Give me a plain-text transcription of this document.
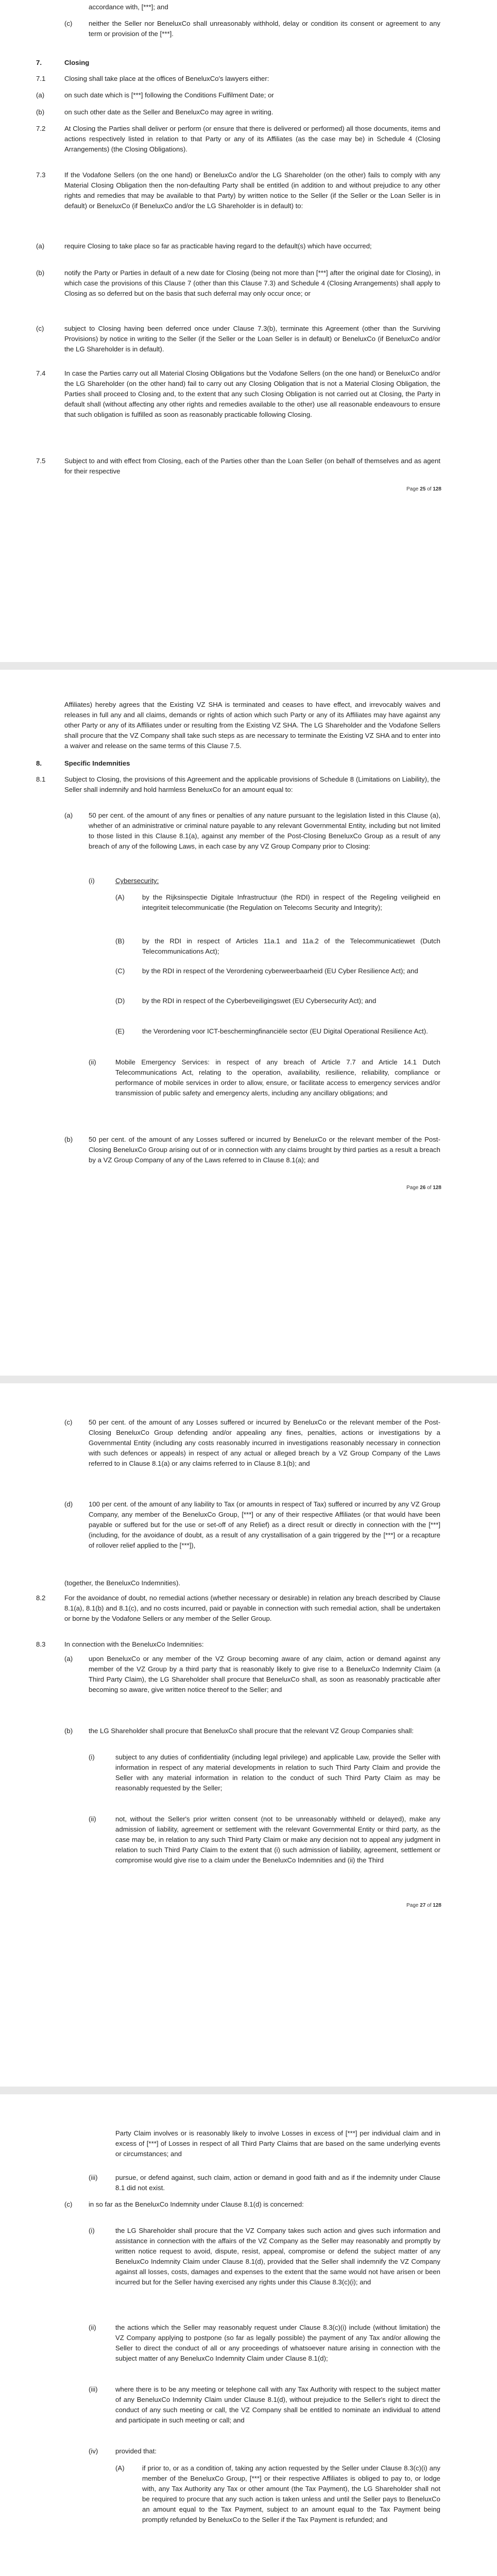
accordance with, [***]; and
(c) neither the Seller nor BeneluxCo shall unreasonably withhold, delay or condition its consent or agreement to any term or provision of the [***].
7.	Closing
7.1	Closing shall take place at the offices of BeneluxCo's lawyers either:
(a)	on such date which is [***] following the Conditions Fulfilment Date; or
(b)	on such other date as the Seller and BeneluxCo may agree in writing.
7.2	At Closing the Parties shall deliver or perform (or ensure that there is delivered or performed) all those documents, items and actions respectively listed in relation to that Party or any of its Affiliates (as the case may be) in Schedule 4 (Closing Arrangements) (the Closing Obligations).
7.3	If the Vodafone Sellers (on the one hand) or BeneluxCo and/or the LG Shareholder (on the other) fails to comply with any Material Closing Obligation then the non-defaulting Party shall be entitled (in addition to and without prejudice to any other rights and remedies that may be available to that Party) by written notice to the Seller (if the Seller or the Loan Seller is in default) or BeneluxCo (if BeneluxCo and/or the LG Shareholder is in default) to:
(a)	require Closing to take place so far as practicable having regard to the default(s) which have occurred;
(b)	notify the Party or Parties in default of a new date for Closing (being not more than [***] after the original date for Closing), in which case the provisions of this Clause 7 (other than this Clause 7.3) and Schedule 4 (Closing Arrangements) shall apply to Closing as so deferred but on the basis that such deferral may only occur once; or
(c)	subject to Closing having been deferred once under Clause 7.3(b), terminate this Agreement (other than the Surviving Provisions) by notice in writing to the Seller (if the Seller or the Loan Seller is in default) or BeneluxCo (if BeneluxCo and/or the LG Shareholder is in default).
7.4	In case the Parties carry out all Material Closing Obligations but the Vodafone Sellers (on the one hand) or BeneluxCo and/or the LG Shareholder (on the other hand) fail to carry out any Closing Obligation that is not a Material Closing Obligation, the Parties shall proceed to Closing and, to the extent that any such Closing Obligation is not carried out at Closing, the Party in default shall (without affecting any other rights and remedies available to the other) use all reasonable endeavours to ensure that such obligation is fulfilled as soon as reasonably practicable following Closing.
7.5	Subject to and with effect from Closing, each of the Parties other than the Loan Seller (on behalf of themselves and as agent for their respective
Page 25 of 128
Affiliates) hereby agrees that the Existing VZ SHA is terminated and ceases to have effect, and irrevocably waives and releases in full any and all claims, demands or rights of action which such Party or any of its Affiliates may have against any other Party or any of its Affiliates under or resulting from the Existing VZ SHA. The LG Shareholder and the Vodafone Sellers shall procure that the VZ Company shall take such steps as are necessary to terminate the Existing VZ SHA and to enter into a waiver and release on the same terms of this Clause 7.5.
8.	Specific Indemnities
8.1	Subject to Closing, the provisions of this Agreement and the applicable provisions of Schedule 8 (Limitations on Liability), the Seller shall indemnify and hold harmless BeneluxCo for an amount equal to:
(a) 50 per cent. of the amount of any fines or penalties of any nature pursuant to the legislation listed in this Clause (a), whether of an administrative or criminal nature payable to any relevant Governmental Entity, including but not limited to those listed in this Clause 8.1(a), against any member of the Post-Closing BeneluxCo Group as a result of any breach of any of the following Laws, in each case by any VZ Group Company prior to Closing:
(i)	Cybersecurity:
(A)	by the Rijksinspectie Digitale Infrastructuur (the RDI) in respect of the Regeling veiligheid en integriteit telecommunicatie (the Regulation on Telecoms Security and Integrity);
(B)	by the RDI in respect of Articles 11a.1 and 11a.2 of the Telecommunicatiewet (Dutch Telecommunications Act);
(C)	by the RDI in respect of the Verordening cyberweerbaarheid (EU Cyber Resilience Act); and
(D)	by the RDI in respect of the Cyberbeveiligingswet (EU Cybersecurity Act); and
(E)	the Verordening voor ICT-beschermingfinanciële sector (EU Digital Operational Resilience Act).
(ii)	Mobile Emergency Services: in respect of any breach of Article 7.7 and Article 14.1 Dutch Telecommunications Act, relating to the operation, availability, resilience, reliability, compliance or performance of mobile services in order to allow, ensure, or facilitate access to emergency services and/or transmission of public safety and emergency alerts, including any ancillary obligations; and
(b) 50 per cent. of the amount of any Losses suffered or incurred by BeneluxCo or the relevant member of the Post-Closing BeneluxCo Group arising out of or in connection with any claims brought by third parties as a result a breach by a VZ Group Company of any of the Laws referred to in Clause 8.1(a); and
Page 26 of 128
(c) 50 per cent. of the amount of any Losses suffered or incurred by BeneluxCo or the relevant member of the Post-Closing BeneluxCo Group defending and/or appealing any fines, penalties, actions or investigations by a Governmental Entity (including any costs reasonably incurred in investigations reasonably necessary in connection with such defences or appeals) in respect of any actual or alleged breach by a VZ Group Company of the Laws referred to in Clause 8.1(a) or any claims referred to in Clause 8.1(b); and
(d) 100 per cent. of the amount of any liability to Tax (or amounts in respect of Tax) suffered or incurred by any VZ Group Company, any member of the BeneluxCo Group, [***] or any of their respective Affiliates (or that would have been payable or suffered but for the use or set-off of any Relief) as a direct result or directly in connection with the [***] (including, for the avoidance of doubt, as a result of any crystallisation of a gain triggered by the [***] or a recapture of rollover relief applied to the [***]),
(together, the BeneluxCo Indemnities).
8.2	For the avoidance of doubt, no remedial actions (whether necessary or desirable) in relation any breach described by Clause 8.1(a), 8.1(b) and 8.1(c), and no costs incurred, paid or payable in connection with such remedial action, shall be undertaken or borne by the Vodafone Sellers or any member of the Seller Group.
8.3	In connection with the BeneluxCo Indemnities:
(a) upon BeneluxCo or any member of the VZ Group becoming aware of any claim, action or demand against any member of the VZ Group by a third party that is reasonably likely to give rise to a BeneluxCo Indemnity Claim (a Third Party Claim), the LG Shareholder shall procure that BeneluxCo shall, as soon as reasonably practicable after becoming so aware, give written notice thereof to the Seller; and
(b) the LG Shareholder shall procure that BeneluxCo shall procure that the relevant VZ Group Companies shall:
(i)	subject to any duties of confidentiality (including legal privilege) and applicable Law, provide the Seller with information in respect of any material developments in relation to such Third Party Claim and provide the Seller with any material information in relation to the conduct of such Third Party Claim as may be reasonably requested by the Seller;
(ii)	not, without the Seller's prior written consent (not to be unreasonably withheld or delayed), make any admission of liability, agreement or settlement with the relevant Governmental Entity or third party, as the case may be, in relation to any such Third Party Claim or make any decision not to appeal any judgment in relation to such Third Party Claim to the extent that (i) such admission of liability, agreement, settlement or compromise would give rise to a claim under the BeneluxCo Indemnities and (ii) the Third
Page 27 of 128
Party Claim involves or is reasonably likely to involve Losses in excess of [***] per individual claim and in excess of [***] of Losses in respect of all Third Party Claims that are based on the same underlying events or circumstances; and
(iii)	pursue, or defend against, such claim, action or demand in good faith and as if the indemnity under Clause 8.1 did not exist.
(c) in so far as the BeneluxCo Indemnity under Clause 8.1(d) is concerned:
(i)	the LG Shareholder shall procure that the VZ Company takes such action and gives such information and assistance in connection with the affairs of the VZ Company as the Seller may reasonably and promptly by written notice request to avoid, dispute, resist, appeal, compromise or defend the subject matter of any BeneluxCo Indemnity Claim under Clause 8.1(d), provided that the Seller shall indemnify the VZ Company against all losses, costs, damages and expenses to the extent that the same would not have arisen or been incurred but for the Seller having exercised any rights under this Clause 8.3(c)(i); and
(ii)	the actions which the Seller may reasonably request under Clause 8.3(c)(i) include (without limitation) the VZ Company applying to postpone (so far as legally possible) the payment of any Tax and/or allowing the Seller to direct the conduct of all or any proceedings of whatsoever nature arising in connection with the subject matter of any BeneluxCo Indemnity Claim under Clause 8.1(d);
(iii)	where there is to be any meeting or telephone call with any Tax Authority with respect to the subject matter of any BeneluxCo Indemnity Claim under Clause 8.1(d), without prejudice to the Seller's right to direct the conduct of any such meeting or call, the VZ Company shall be entitled to nominate an individual to attend and participate in such meeting or call; and
(iv)	provided that:
(A)	if prior to, or as a condition of, taking any action requested by the Seller under Clause 8.3(c)(i) any member of the BeneluxCo Group, [***] or their respective Affiliates is obliged to pay to, or lodge with, any Tax Authority any Tax or other amount (the Tax Payment), the LG Shareholder shall not be required to procure that any such action is taken unless and until the Seller pays to BeneluxCo an amount equal to the Tax Payment, subject to an amount equal to the Tax Payment being promptly refunded by BeneluxCo to the Seller if the Tax Payment is refunded; and
